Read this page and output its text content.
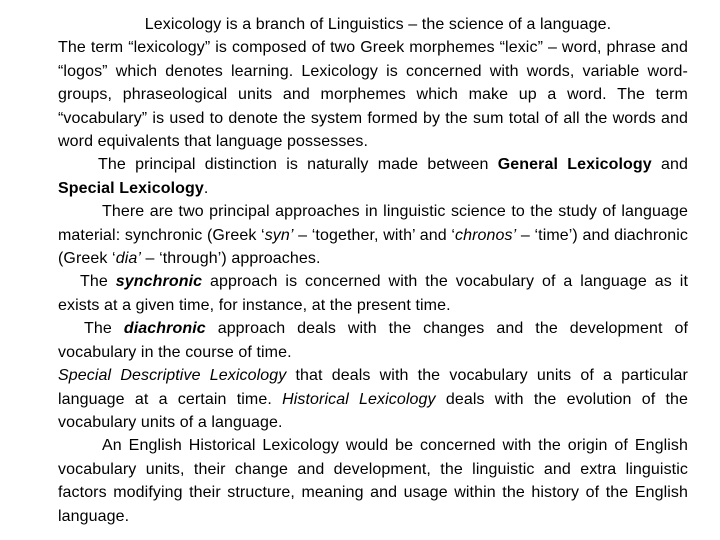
Lexicology is a branch of Linguistics – the science of a language.

The term “lexicology” is composed of two Greek morphemes “lexic” – word, phrase and “logos” which denotes learning. Lexicology is concerned with words, variable word-groups, phraseological units and morphemes which make up a word. The term “vocabulary” is used to denote the system formed by the sum total of all the words and word equivalents that language possesses.

The principal distinction is naturally made between General Lexicology and Special Lexicology.

There are two principal approaches in linguistic science to the study of language material: synchronic (Greek ‘syn’ – ‘together, with’ and ‘chronos’ – ‘time’) and diachronic (Greek ‘dia’ – ‘through’) approaches.

The synchronic approach is concerned with the vocabulary of a language as it exists at a given time, for instance, at the present time.

The diachronic approach deals with the changes and the development of vocabulary in the course of time.

Special Descriptive Lexicology that deals with the vocabulary units of a particular language at a certain time. Historical Lexicology deals with the evolution of the vocabulary units of a language.

An English Historical Lexicology would be concerned with the origin of English vocabulary units, their change and development, the linguistic and extra linguistic factors modifying their structure, meaning and usage within the history of the English language.
